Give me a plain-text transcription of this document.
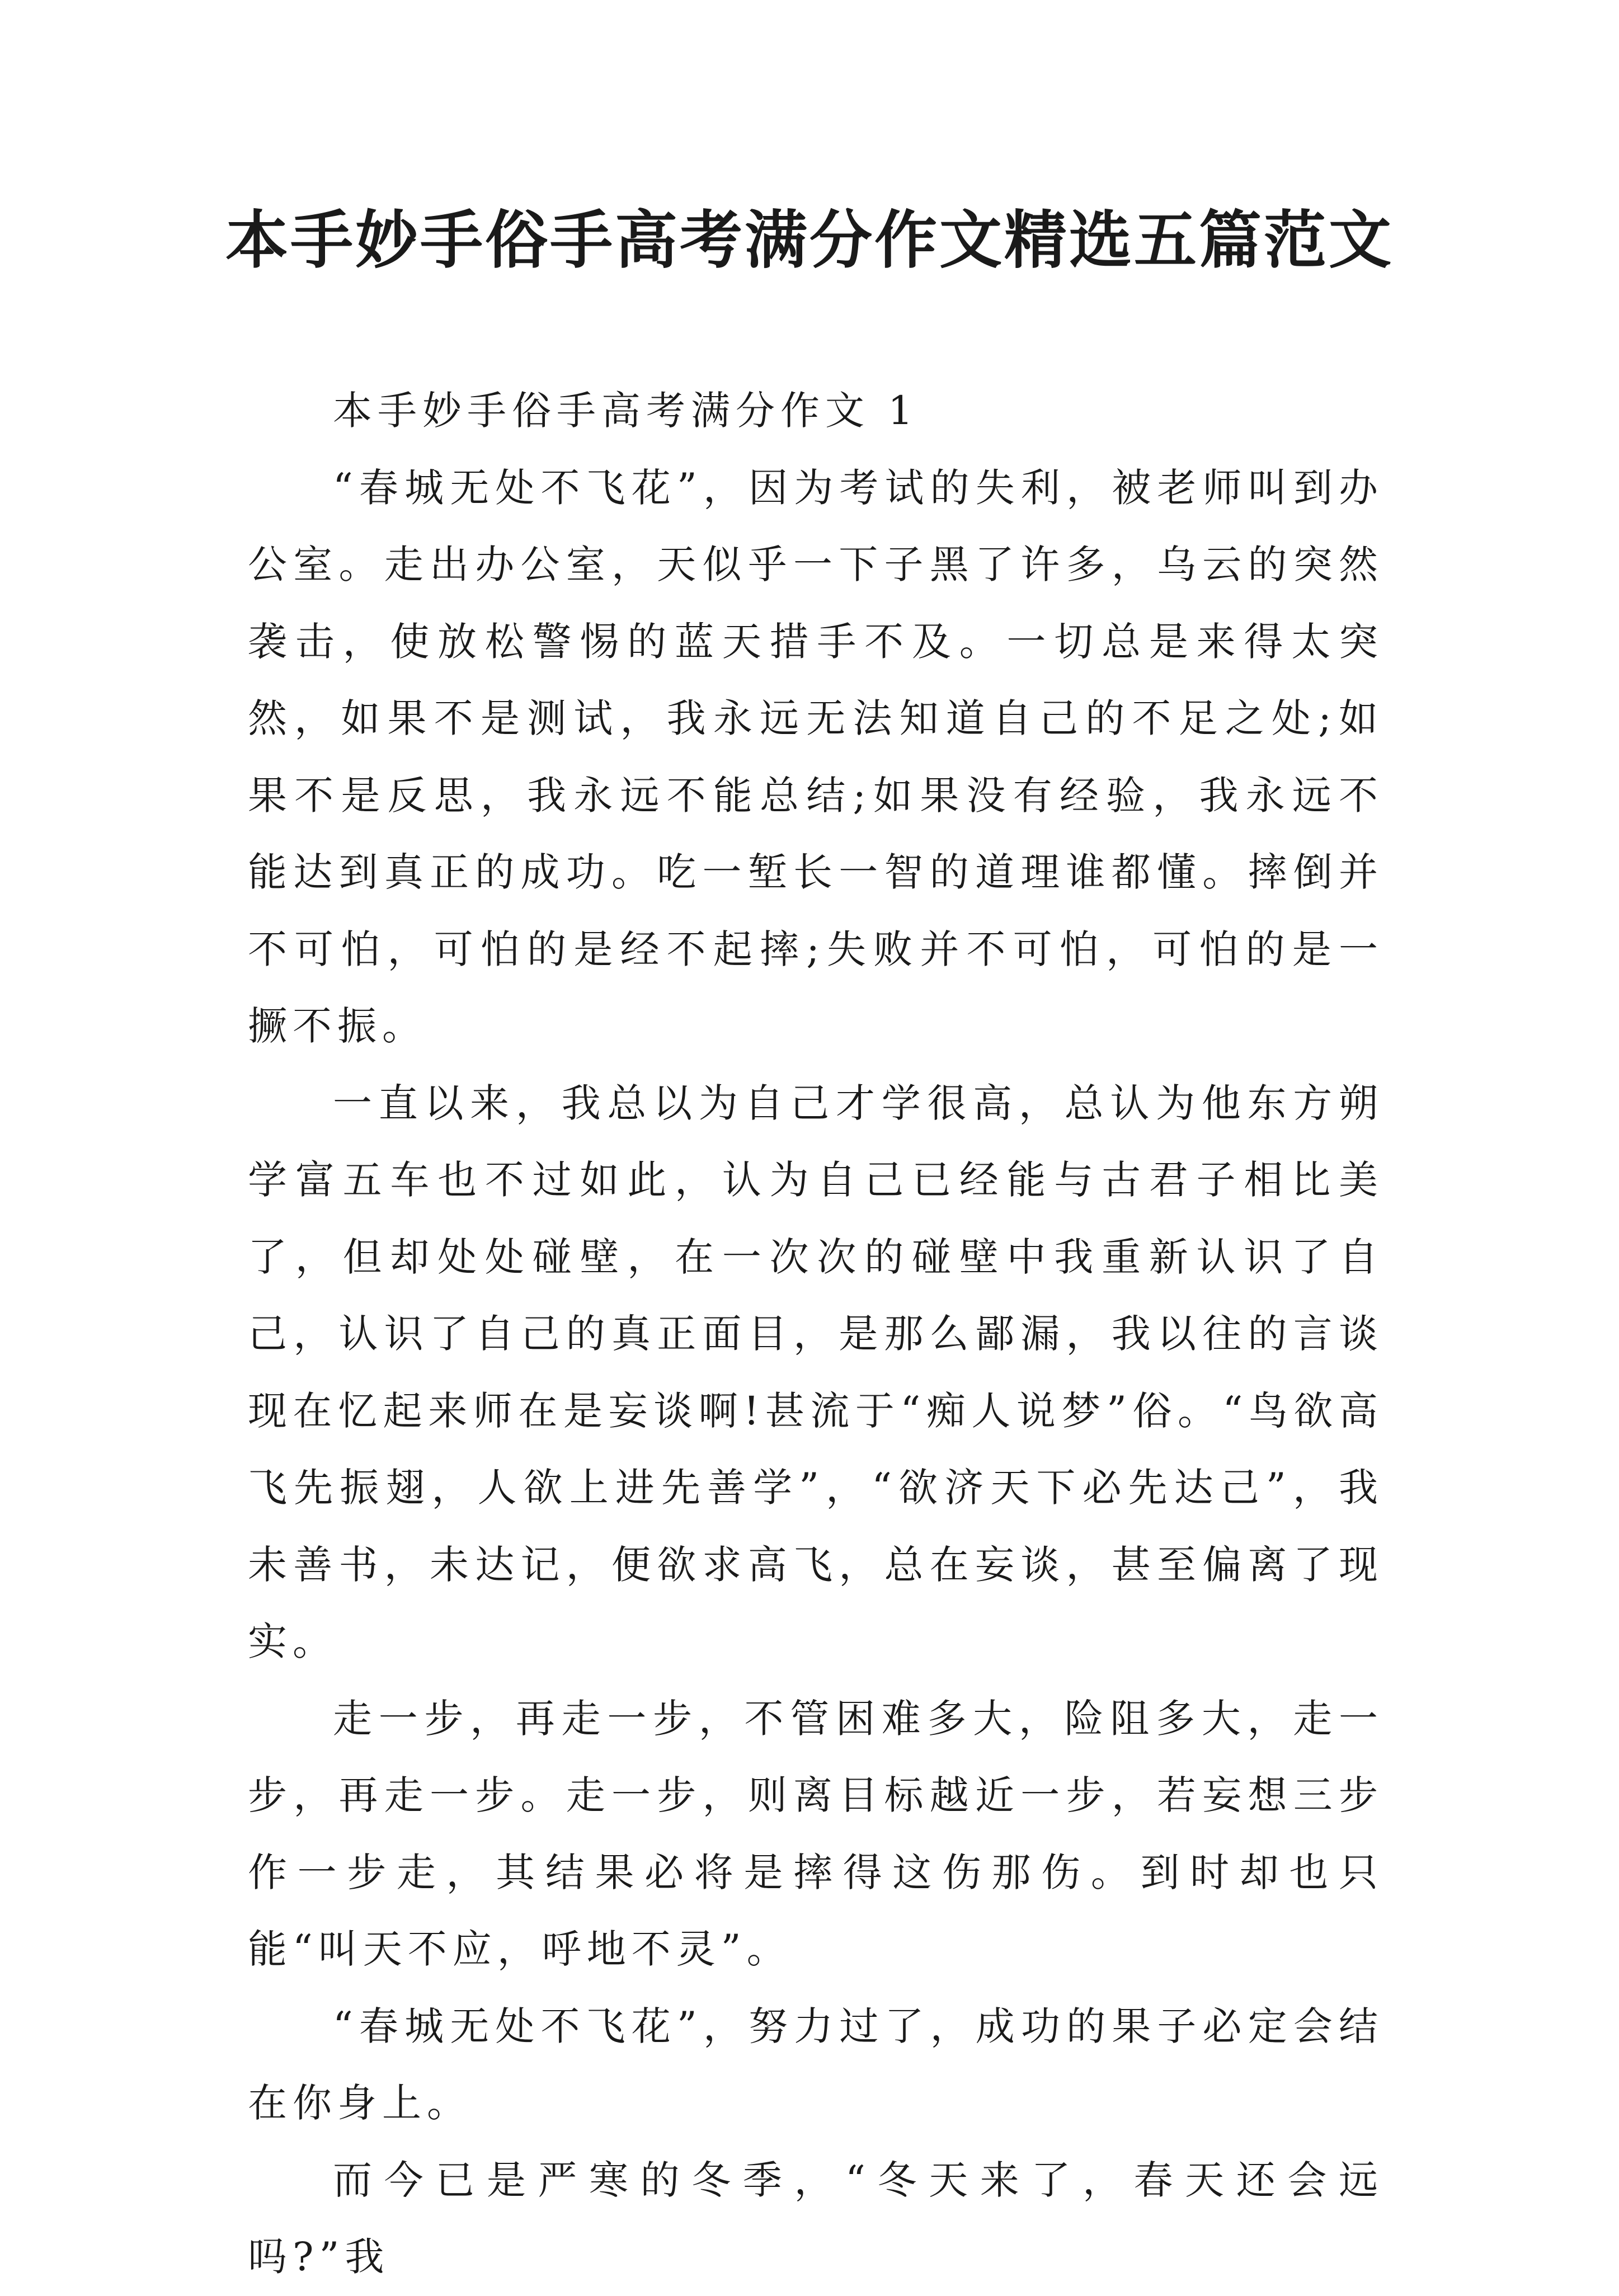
本手妙手俗手高考满分作文精选五篇范文

本手妙手俗手高考满分作文 1

“春城无处不飞花”，因为考试的失利，被老师叫到办公室。走出办公室，天似乎一下子黑了许多，乌云的突然袭击，使放松警惕的蓝天措手不及。一切总是来得太突然，如果不是测试，我永远无法知道自己的不足之处;如果不是反思，我永远不能总结;如果没有经验，我永远不能达到真正的成功。吃一堑长一智的道理谁都懂。摔倒并不可怕，可怕的是经不起摔;失败并不可怕，可怕的是一撅不振。

一直以来，我总以为自己才学很高，总认为他东方朔学富五车也不过如此，认为自己已经能与古君子相比美了，但却处处碰壁，在一次次的碰壁中我重新认识了自己，认识了自己的真正面目，是那么鄙漏，我以往的言谈现在忆起来师在是妄谈啊!甚流于“痴人说梦”俗。“鸟欲高飞先振翅，人欲上进先善学”，“欲济天下必先达己”，我未善书，未达记，便欲求高飞，总在妄谈，甚至偏离了现实。

走一步，再走一步，不管困难多大，险阻多大，走一步，再走一步。走一步，则离目标越近一步，若妄想三步作一步走，其结果必将是摔得这伤那伤。到时却也只能“叫天不应，呼地不灵”。

“春城无处不飞花”，努力过了，成功的果子必定会结在你身上。

而今已是严寒的冬季，“冬天来了，春天还会远吗?”我
